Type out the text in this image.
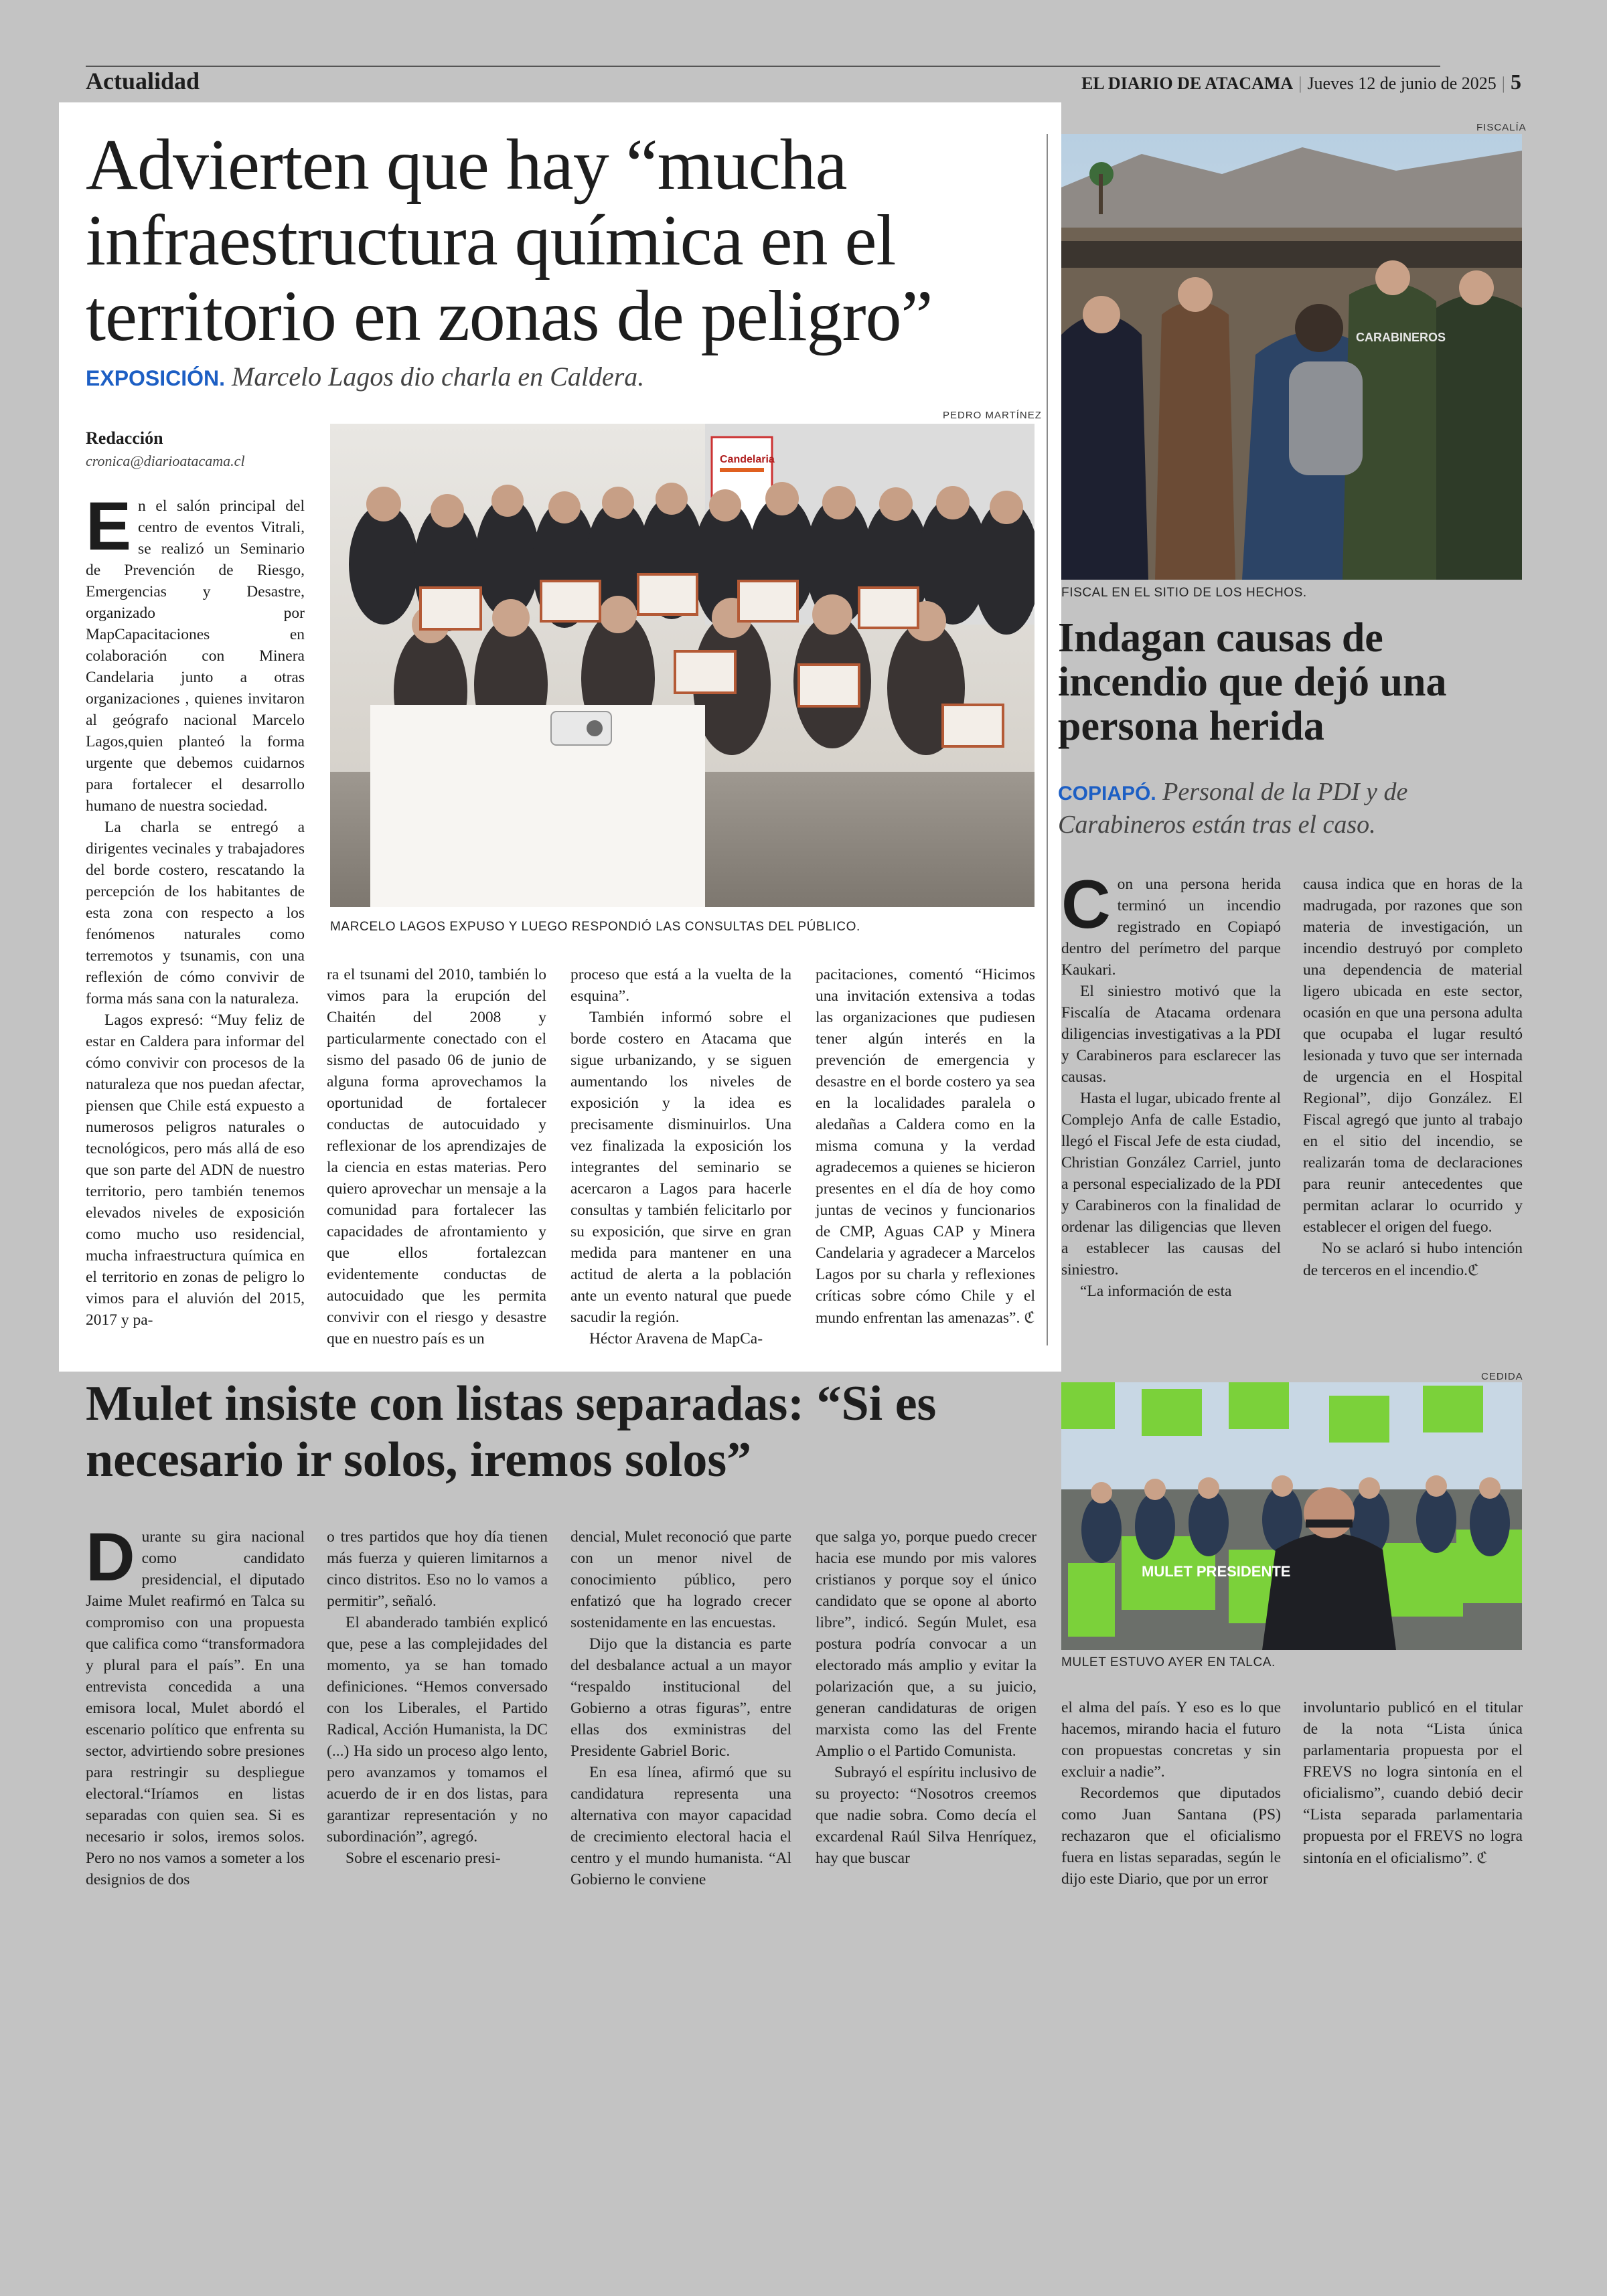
Actualidad	EL DIARIO DE ATACAMA | Jueves 12 de junio de 2025 | 5
Advierten que hay “mucha infraestructura química en el territorio en zonas de peligro”
EXPOSICIÓN. Marcelo Lagos dio charla en Caldera.
Redacción
cronica@diarioatacama.cl
PEDRO MARTÍNEZ
Candelaria
MARCELO LAGOS EXPUSO Y LUEGO RESPONDIÓ LAS CONSULTAS DEL PÚBLICO.

En el salón principal del centro de eventos Vitrali, se realizó un Seminario de Prevención de Riesgo, Emergencias y Desastre, organizado por MapCapacitaciones en colaboración con Minera Candelaria junto a otras organizaciones , quienes invitaron al geógrafo nacional Marcelo Lagos,quien planteó la forma urgente que debemos cuidarnos para fortalecer el desarrollo humano de nuestra sociedad.

La charla se entregó a dirigentes vecinales y trabajadores del borde costero, rescatando la percepción de los habitantes de esta zona con respecto a los fenómenos naturales como terremotos y tsunamis, con una reflexión de cómo convivir de forma más sana con la naturaleza.

Lagos expresó: “Muy feliz de estar en Caldera para informar del cómo convivir con procesos de la naturaleza que nos puedan afectar, piensen que Chile está expuesto a numerosos peligros naturales o tecnológicos, pero más allá de eso que son parte del ADN de nuestro territorio, pero también tenemos elevados niveles de exposición como mucho uso residencial, mucha infraestructura química en el territorio en zonas de peligro lo vimos para el aluvión del 2015, 2017 y pa-

ra el tsunami del 2010, también lo vimos para la erupción del Chaitén del 2008 y particularmente conectado con el sismo del pasado 06 de junio de alguna forma aprovechamos la oportunidad de fortalecer conductas de autocuidado y reflexionar de los aprendizajes de la ciencia en estas materias. Pero quiero aprovechar un mensaje a la comunidad para fortalecer las capacidades de afrontamiento y que ellos fortalezcan evidentemente conductas de autocuidado que les permita convivir con el riesgo y desastre que en nuestro país es un

proceso que está a la vuelta de la esquina”.

También informó sobre el borde costero en Atacama que sigue urbanizando, y se siguen aumentando los niveles de exposición y la idea es precisamente disminuirlos. Una vez finalizada la exposición los integrantes del seminario se acercaron a Lagos para hacerle consultas y también felicitarlo por su exposición, que sirve en gran medida para mantener en una actitud de alerta a la población ante un evento natural que puede sacudir la región.

Héctor Aravena de MapCa-

pacitaciones, comentó “Hicimos una invitación extensiva a todas las organizaciones que pudiesen tener algún interés en la prevención de emergencia y desastre en el borde costero ya sea en la localidades paralela o aledañas a Caldera como en la misma comuna y la verdad agradecemos a quienes se hicieron presentes en el día de hoy como juntas de vecinos y funcionarios de CMP, Aguas CAP y Minera Candelaria y agradecer a Marcelos Lagos por su charla y reflexiones críticas sobre cómo Chile y el mundo enfrentan las amenazas”. ℭ

FISCALÍA
CARABINEROS
FISCAL EN EL SITIO DE LOS HECHOS.
Indagan causas de incendio que dejó una persona herida
COPIAPÓ. Personal de la PDI y de Carabineros están tras el caso.

Con una persona herida terminó un incendio registrado en Copiapó dentro del perímetro del parque Kaukari.

El siniestro motivó que la Fiscalía de Atacama ordenara diligencias investigativas a la PDI y Carabineros para esclarecer las causas.

Hasta el lugar, ubicado frente al Complejo Anfa de calle Estadio, llegó el Fiscal Jefe de esta ciudad, Christian González Carriel, junto a personal especializado de la PDI y Carabineros con la finalidad de ordenar las diligencias que lleven a establecer las causas del siniestro.

“La información de esta

causa indica que en horas de la madrugada, por razones que son materia de investigación, un incendio destruyó por completo una dependencia de material ligero ubicada en este sector, ocasión en que una persona adulta que ocupaba el lugar resultó lesionada y tuvo que ser internada de urgencia en el Hospital Regional”, dijo González. El Fiscal agregó que junto al trabajo en el sitio del incendio, se realizarán toma de declaraciones para reunir antecedentes que permitan aclarar lo ocurrido y establecer el origen del fuego.

No se aclaró si hubo intención de terceros en el incendio.ℭ

Mulet insiste con listas separadas: “Si es necesario ir solos, iremos solos”
CEDIDA
MULET PRESIDENTE
MULET ESTUVO AYER EN TALCA.

Durante su gira nacional como candidato presidencial, el diputado Jaime Mulet reafirmó en Talca su compromiso con una propuesta que califica como “transformadora y plural para el país”. En una entrevista concedida a una emisora local, Mulet abordó el escenario político que enfrenta su sector, advirtiendo sobre presiones para restringir su despliegue electoral.“Iríamos en listas separadas con quien sea. Si es necesario ir solos, iremos solos. Pero no nos vamos a someter a los designios de dos

o tres partidos que hoy día tienen más fuerza y quieren limitarnos a cinco distritos. Eso no lo vamos a permitir”, señaló.

El abanderado también explicó que, pese a las complejidades del momento, ya se han tomado definiciones. “Hemos conversado con los Liberales, el Partido Radical, Acción Humanista, la DC (...) Ha sido un proceso algo lento, pero avanzamos y tomamos el acuerdo de ir en dos listas, para garantizar representación y no subordinación”, agregó.

Sobre el escenario presi-

dencial, Mulet reconoció que parte con un menor nivel de conocimiento público, pero enfatizó que ha logrado crecer sostenidamente en las encuestas.

Dijo que la distancia es parte del desbalance actual a un mayor “respaldo institucional del Gobierno a otras figuras”, entre ellas dos exministras del Presidente Gabriel Boric.

En esa línea, afirmó que su candidatura representa una alternativa con mayor capacidad de crecimiento electoral hacia el centro y el mundo humanista. “Al Gobierno le conviene

que salga yo, porque puedo crecer hacia ese mundo por mis valores cristianos y porque soy el único candidato que se opone al aborto libre”, indicó. Según Mulet, esa postura podría convocar a un electorado más amplio y evitar la polarización que, a su juicio, generan candidaturas de origen marxista como las del Frente Amplio o el Partido Comunista.

Subrayó el espíritu inclusivo de su proyecto: “Nosotros creemos que nadie sobra. Como decía el excardenal Raúl Silva Henríquez, hay que buscar

el alma del país. Y eso es lo que hacemos, mirando hacia el futuro con propuestas concretas y sin excluir a nadie”.

Recordemos que diputados como Juan Santana (PS) rechazaron que el oficialismo fuera en listas separadas, según le dijo este Diario, que por un error

involuntario publicó en el titular de la nota “Lista única parlamentaria propuesta por el FREVS no logra sintonía en el oficialismo”, cuando debió decir “Lista separada parlamentaria propuesta por el FREVS no logra sintonía en el oficialismo”. ℭ
